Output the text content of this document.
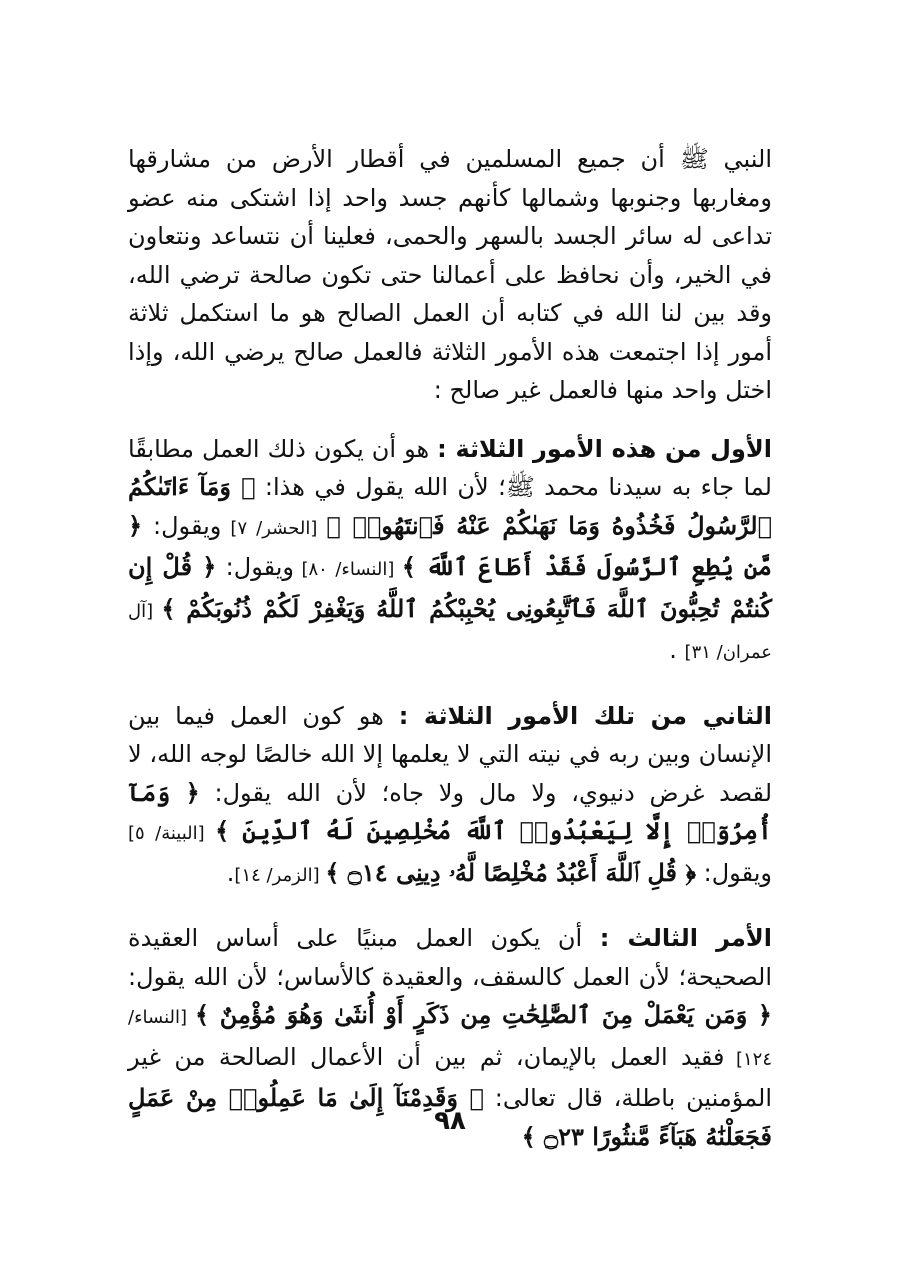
النبي ﷺ أن جميع المسلمين في أقطار الأرض من مشارقها ومغاربها وجنوبها وشمالها كأنهم جسد واحد إذا اشتكى منه عضو تداعى له سائر الجسد بالسهر والحمى، فعلينا أن نتساعد ونتعاون في الخير، وأن نحافظ على أعمالنا حتى تكون صالحة ترضي الله، وقد بين لنا الله في كتابه أن العمل الصالح هو ما استكمل ثلاثة أمور إذا اجتمعت هذه الأمور الثلاثة فالعمل صالح يرضي الله، وإذا اختل واحد منها فالعمل غير صالح :

الأول من هذه الأمور الثلاثة : هو أن يكون ذلك العمل مطابقًا لما جاء به سيدنا محمد ﷺ؛ لأن الله يقول في هذا: ﴿ وَمَآ ءَاتَىٰكُمُ ٱلرَّسُولُ فَخُذُوهُ وَمَا نَهَىٰكُمْ عَنْهُ فَٱنتَهُوا۟ ﴾ [الحشر/ ٧] ويقول: ﴿ مَّن يُطِعِ ٱلرَّسُولَ فَقَدْ أَطَاعَ ٱللَّهَ ﴾ [النساء/ ٨٠] ويقول: ﴿ قُلْ إِن كُنتُمْ تُحِبُّونَ ٱللَّهَ فَٱتَّبِعُونِى يُحْبِبْكُمُ ٱللَّهُ وَيَغْفِرْ لَكُمْ ذُنُوبَكُمْ ﴾ [آل عمران/ ٣١] .

الثاني من تلك الأمور الثلاثة : هو كون العمل فيما بين الإنسان وبين ربه في نيته التي لا يعلمها إلا الله خالصًا لوجه الله، لا لقصد غرض دنيوي، ولا مال ولا جاه؛ لأن الله يقول: ﴿ وَمَآ أُمِرُوٓا۟ إِلَّا لِيَعْبُدُوا۟ ٱللَّهَ مُخْلِصِينَ لَهُ ٱلدِّينَ ﴾ [البينة/ ٥] ويقول: ﴿ قُلِ ٱللَّهَ أَعْبُدُ مُخْلِصًا لَّهُۥ دِينِى ۝١٤ ﴾ [الزمر/ ١٤].

الأمر الثالث : أن يكون العمل مبنيًا على أساس العقيدة الصحيحة؛ لأن العمل كالسقف، والعقيدة كالأساس؛ لأن الله يقول: ﴿ وَمَن يَعْمَلْ مِنَ ٱلصَّٰلِحَٰتِ مِن ذَكَرٍ أَوْ أُنثَىٰ وَهُوَ مُؤْمِنٌ ﴾ [النساء/ ١٢٤] فقيد العمل بالإيمان، ثم بين أن الأعمال الصالحة من غير المؤمنين باطلة، قال تعالى: ﴿ وَقَدِمْنَآ إِلَىٰ مَا عَمِلُوا۟ مِنْ عَمَلٍ فَجَعَلْنَٰهُ هَبَآءً مَّنثُورًا ۝٢٣ ﴾

٩٨
